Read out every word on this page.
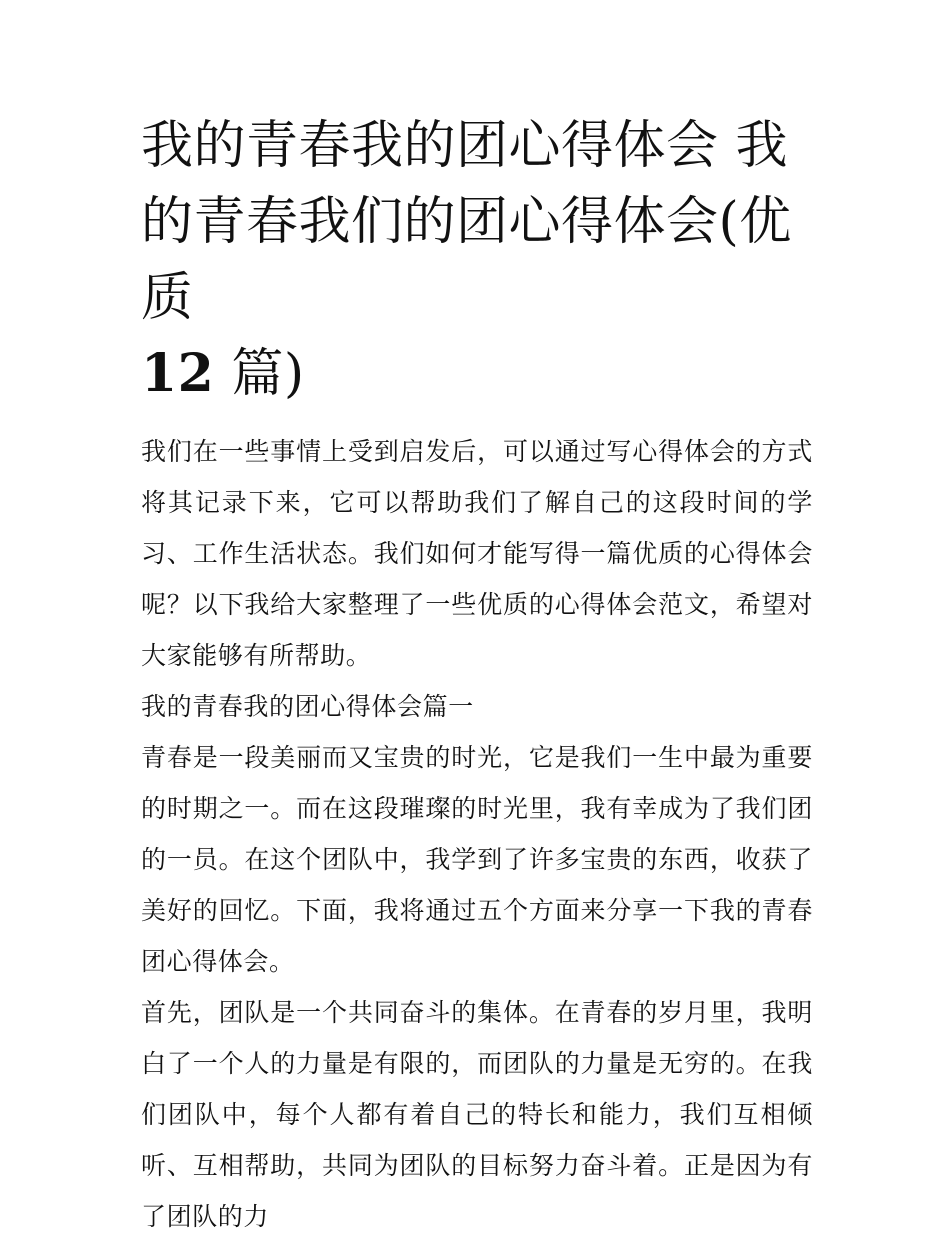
我的青春我的团心得体会 我的青春我们的团心得体会(优质
12 篇)

我们在一些事情上受到启发后，可以通过写心得体会的方式将其记录下来，它可以帮助我们了解自己的这段时间的学习、工作生活状态。我们如何才能写得一篇优质的心得体会呢？以下我给大家整理了一些优质的心得体会范文，希望对大家能够有所帮助。

我的青春我的团心得体会篇一

青春是一段美丽而又宝贵的时光，它是我们一生中最为重要的时期之一。而在这段璀璨的时光里，我有幸成为了我们团的一员。在这个团队中，我学到了许多宝贵的东西，收获了美好的回忆。下面，我将通过五个方面来分享一下我的青春团心得体会。

首先，团队是一个共同奋斗的集体。在青春的岁月里，我明白了一个人的力量是有限的，而团队的力量是无穷的。在我们团队中，每个人都有着自己的特长和能力，我们互相倾听、互相帮助，共同为团队的目标努力奋斗着。正是因为有了团队的力
